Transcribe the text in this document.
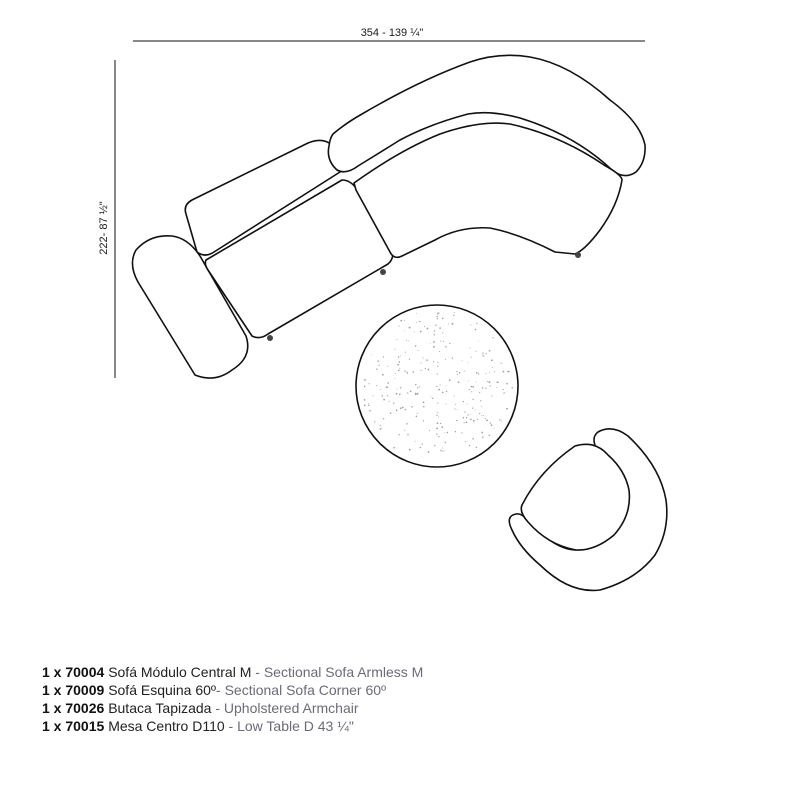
354 - 139 ¼"
222- 87 ½"
1 x 70004 Sofá Módulo Central M - Sectional Sofa Armless M
1 x 70009 Sofá Esquina 60º- Sectional Sofa Corner 60º
1 x 70026 Butaca Tapizada - Upholstered Armchair
1 x 70015 Mesa Centro D110 - Low Table D 43 ¼"
